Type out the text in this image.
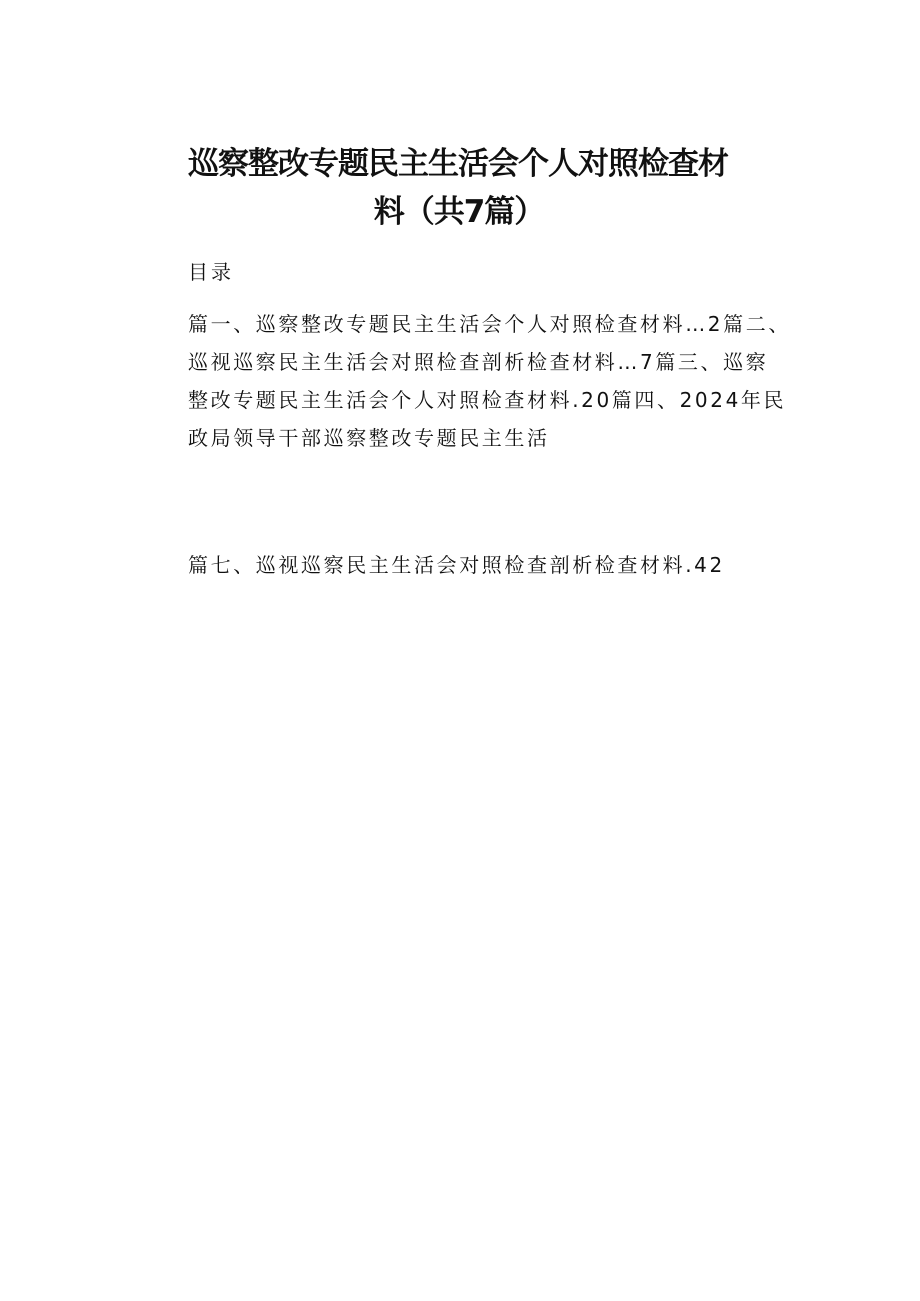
巡察整改专题民主生活会个人对照检查材
料（共7篇）
目录

篇一、巡察整改专题民主生活会个人对照检查材料…2篇二、
巡视巡察民主生活会对照检查剖析检查材料…7篇三、巡察
整改专题民主生活会个人对照检查材料.20篇四、2024年民
政局领导干部巡察整改专题民主生活

篇七、巡视巡察民主生活会对照检查剖析检查材料.42
